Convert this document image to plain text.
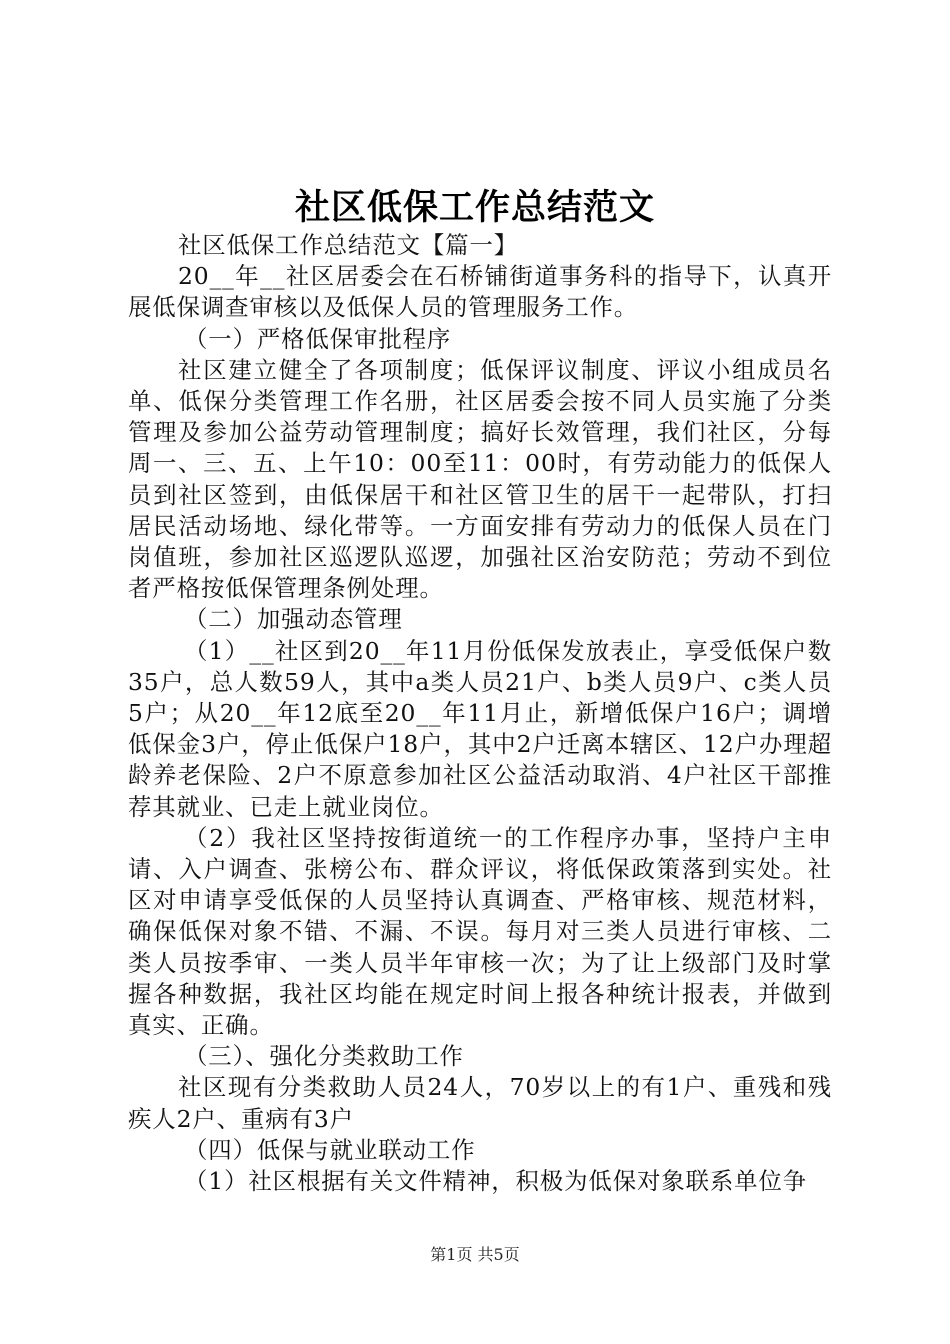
社区低保工作总结范文

社区低保工作总结范文【篇一】

20__年__社区居委会在石桥铺街道事务科的指导下，认真开展低保调查审核以及低保人员的管理服务工作。

（一）严格低保审批程序

社区建立健全了各项制度；低保评议制度、评议小组成员名单、低保分类管理工作名册，社区居委会按不同人员实施了分类管理及参加公益劳动管理制度；搞好长效管理，我们社区，分每周一、三、五、上午10：00至11：00时，有劳动能力的低保人员到社区签到，由低保居干和社区管卫生的居干一起带队，打扫居民活动场地、绿化带等。一方面安排有劳动力的低保人员在门岗值班，参加社区巡逻队巡逻，加强社区治安防范；劳动不到位者严格按低保管理条例处理。

（二）加强动态管理

（1）__社区到20__年11月份低保发放表止，享受低保户数35户，总人数59人，其中a类人员21户、b类人员9户、c类人员5户；从20__年12底至20__年11月止，新增低保户16户；调增低保金3户，停止低保户18户，其中2户迁离本辖区、12户办理超龄养老保险、2户不原意参加社区公益活动取消、4户社区干部推荐其就业、已走上就业岗位。

（2）我社区坚持按街道统一的工作程序办事，坚持户主申请、入户调查、张榜公布、群众评议，将低保政策落到实处。社区对申请享受低保的人员坚持认真调查、严格审核、规范材料，确保低保对象不错、不漏、不误。每月对三类人员进行审核、二类人员按季审、一类人员半年审核一次；为了让上级部门及时掌握各种数据，我社区均能在规定时间上报各种统计报表，并做到真实、正确。

（三）、强化分类救助工作

社区现有分类救助人员24人，70岁以上的有1户、重残和残疾人2户、重病有3户

（四）低保与就业联动工作

（1）社区根据有关文件精神，积极为低保对象联系单位争

第1页 共5页
